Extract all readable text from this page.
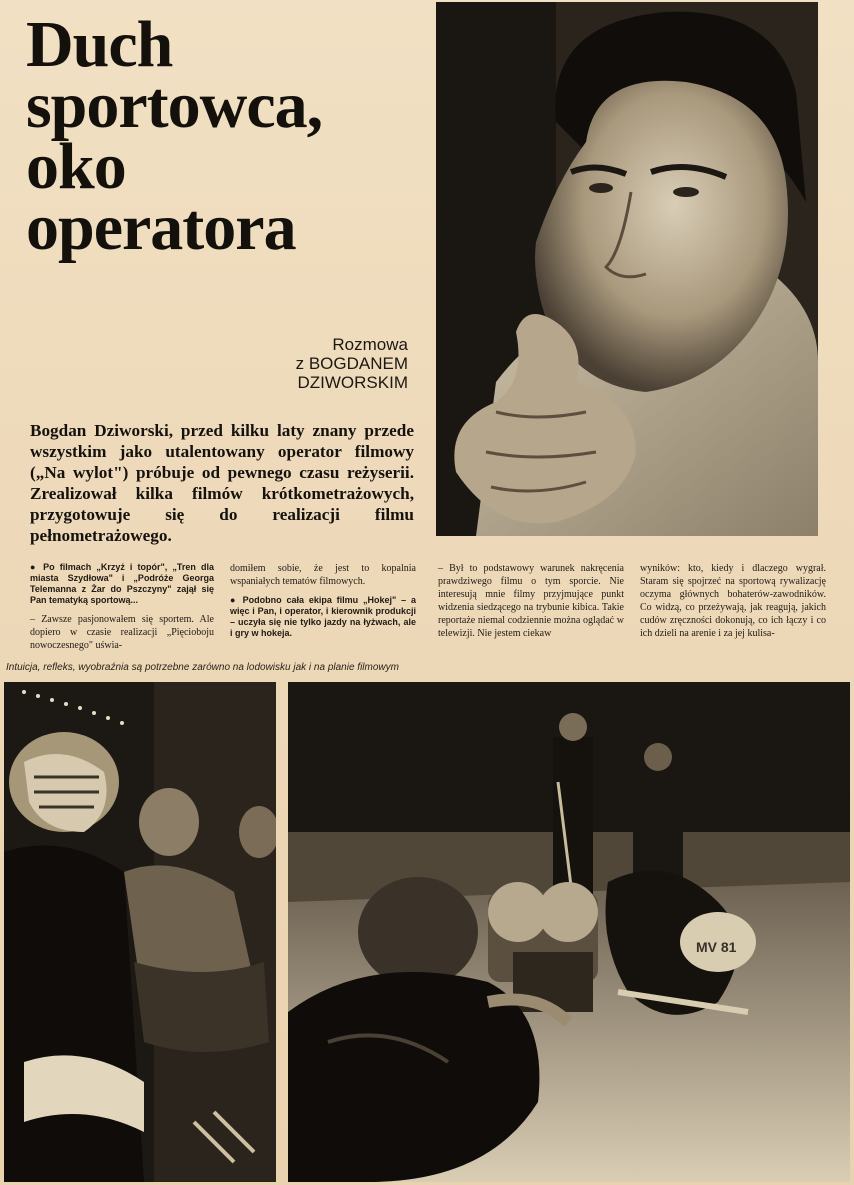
Duch
sportowca,
oko
operatora
Rozmowa
z BOGDANEM
DZIWORSKIM

Bogdan Dziworski, przed kilku laty znany przede wszystkim jako utalentowany operator filmowy („Na wylot") próbuje od pewnego czasu reżyserii. Zrealizował kilka filmów krótkometrażowych, przygotowuje się do realizacji filmu pełnometrażowego.

● Po filmach „Krzyż i topór", „Tren dla miasta Szydłowa" i „Podróże Georga Telemanna z Żar do Pszczyny" zajął się Pan tematyką sportową...

– Zawsze pasjonowałem się sportem. Ale dopiero w czasie realizacji „Pięcioboju nowoczesnego" uświa-

domiłem sobie, że jest to kopalnia wspaniałych tematów filmowych.

● Podobno cała ekipa filmu „Hokej" – a więc i Pan, i operator, i kierownik produkcji – uczyła się nie tylko jazdy na łyżwach, ale i gry w hokeja.

– Był to podstawowy warunek nakręcenia prawdziwego filmu o tym sporcie. Nie interesują mnie filmy przyjmujące punkt widzenia siedzącego na trybunie kibica. Takie reportaże niemal codziennie można oglądać w telewizji. Nie jestem ciekaw

wyników: kto, kiedy i dlaczego wygrał. Staram się spojrzeć na sportową rywalizację oczyma głównych bohaterów-zawodników. Co widzą, co przeżywają, jak reagują, jakich cudów zręczności dokonują, co ich łączy i co ich dzieli na arenie i za jej kulisa-

Intuicja, refleks, wyobraźnia są potrzebne zarówno na lodowisku jak i na planie filmowym
MV 81
